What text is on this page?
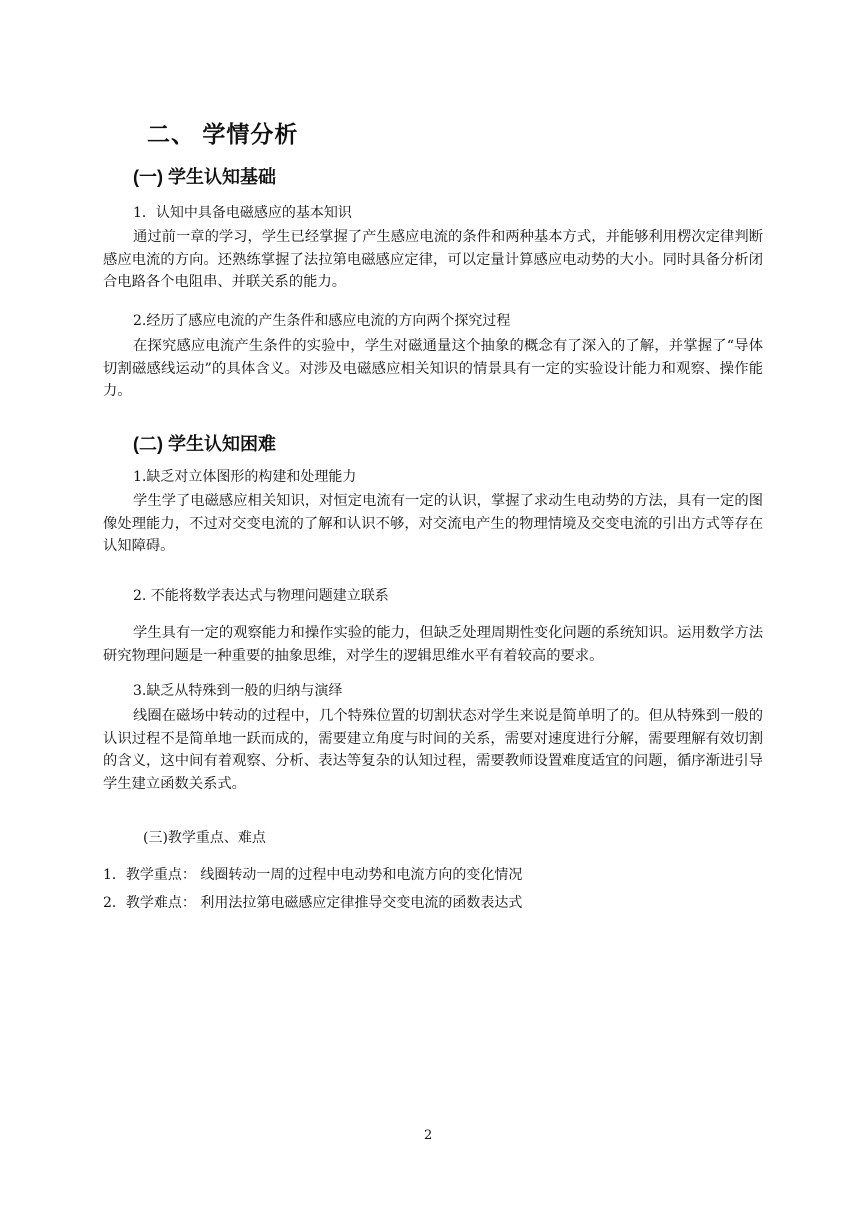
二、 学情分析
(一) 学生认知基础
1．认知中具备电磁感应的基本知识
通过前一章的学习，学生已经掌握了产生感应电流的条件和两种基本方式，并能够利用楞次定律判断感应电流的方向。还熟练掌握了法拉第电磁感应定律，可以定量计算感应电动势的大小。同时具备分析闭合电路各个电阻串、并联关系的能力。
2.经历了感应电流的产生条件和感应电流的方向两个探究过程
在探究感应电流产生条件的实验中，学生对磁通量这个抽象的概念有了深入的了解，并掌握了“导体切割磁感线运动”的具体含义。对涉及电磁感应相关知识的情景具有一定的实验设计能力和观察、操作能力。
(二) 学生认知困难
1.缺乏对立体图形的构建和处理能力
学生学了电磁感应相关知识，对恒定电流有一定的认识，掌握了求动生电动势的方法，具有一定的图像处理能力，不过对交变电流的了解和认识不够，对交流电产生的物理情境及交变电流的引出方式等存在认知障碍。
2. 不能将数学表达式与物理问题建立联系
学生具有一定的观察能力和操作实验的能力，但缺乏处理周期性变化问题的系统知识。运用数学方法研究物理问题是一种重要的抽象思维，对学生的逻辑思维水平有着较高的要求。
3.缺乏从特殊到一般的归纳与演绎
线圈在磁场中转动的过程中，几个特殊位置的切割状态对学生来说是简单明了的。但从特殊到一般的认识过程不是简单地一跃而成的，需要建立角度与时间的关系，需要对速度进行分解，需要理解有效切割的含义，这中间有着观察、分析、表达等复杂的认知过程，需要教师设置难度适宜的问题，循序渐进引导学生建立函数关系式。
(三)教学重点、难点
1．教学重点： 线圈转动一周的过程中电动势和电流方向的变化情况
2．教学难点： 利用法拉第电磁感应定律推导交变电流的函数表达式
2
